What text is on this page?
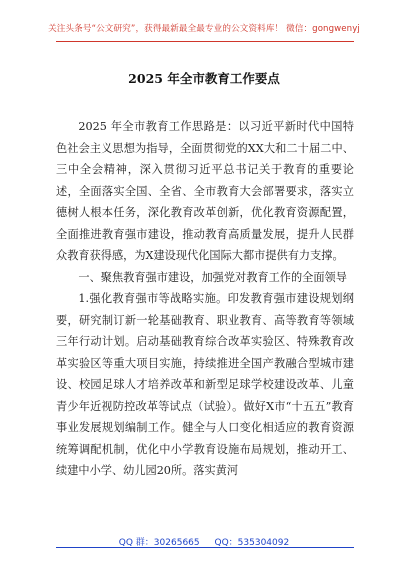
关注头条号“公文研究”，获得最新最全最专业的公文资料库！ 微信：gongwenyj
2025 年全市教育工作要点

2025 年全市教育工作思路是：以习近平新时代中国特色社会主义思想为指导，全面贯彻党的XX大和二十届二中、三中全会精神，深入贯彻习近平总书记关于教育的重要论述，全面落实全国、全省、全市教育大会部署要求，落实立德树人根本任务，深化教育改革创新，优化教育资源配置，全面推进教育强市建设，推动教育高质量发展，提升人民群众教育获得感，为X建设现代化国际大都市提供有力支撑。

一、聚焦教育强市建设，加强党对教育工作的全面领导

1.强化教育强市等战略实施。印发教育强市建设规划纲要，研究制订新一轮基础教育、职业教育、高等教育等领域三年行动计划。启动基础教育综合改革实验区、特殊教育改革实验区等重大项目实施，持续推进全国产教融合型城市建设、校园足球人才培养改革和新型足球学校建设改革、儿童青少年近视防控改革等试点（试验）。做好X市“十五五”教育事业发展规划编制工作。健全与人口变化相适应的教育资源统筹调配机制，优化中小学教育设施布局规划，推动开工、续建中小学、幼儿园20所。落实黄河

QQ 群：30265665 QQ：535304092
